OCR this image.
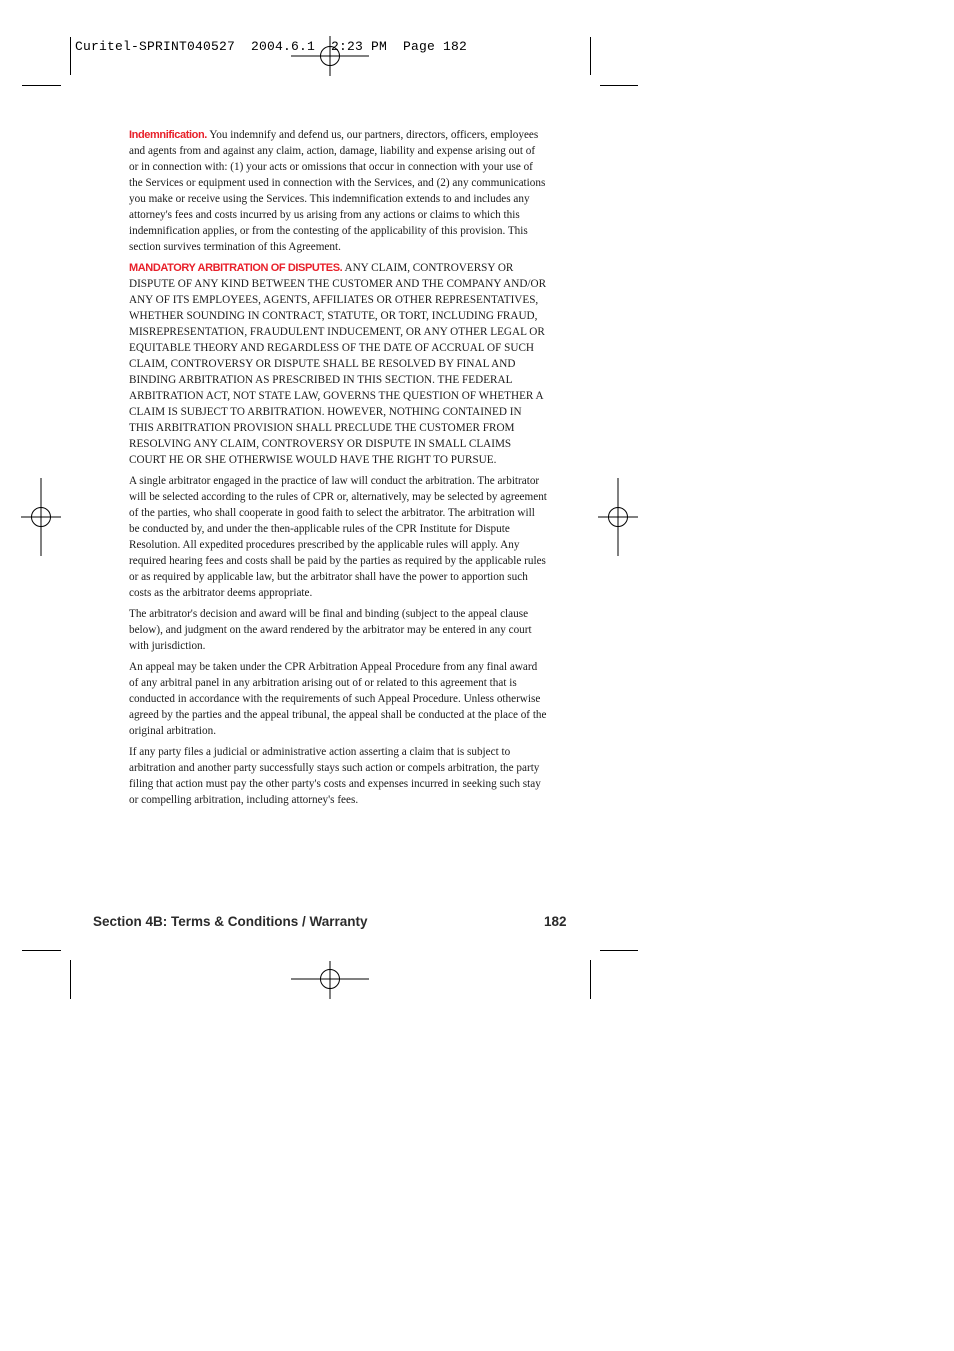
Curitel-SPRINT040527  2004.6.1  2:23 PM  Page 182

Indemnification. You indemnify and defend us, our partners, directors, officers, employees and agents from and against any claim, action, damage, liability and expense arising out of or in connection with: (1) your acts or omissions that occur in connection with your use of the Services or equipment used in connection with the Services, and (2) any communications you make or receive using the Services. This indemnification extends to and includes any attorney's fees and costs incurred by us arising from any actions or claims to which this indemnification applies, or from the contesting of the applicability of this provision. This section survives termination of this Agreement.

MANDATORY ARBITRATION OF DISPUTES. ANY CLAIM, CONTROVERSY OR DISPUTE OF ANY KIND BETWEEN THE CUSTOMER AND THE COMPANY AND/OR ANY OF ITS EMPLOYEES, AGENTS, AFFILIATES OR OTHER REPRESENTATIVES, WHETHER SOUNDING IN CONTRACT, STATUTE, OR TORT, INCLUDING FRAUD, MISREPRESENTATION, FRAUDULENT INDUCEMENT, OR ANY OTHER LEGAL OR EQUITABLE THEORY AND REGARDLESS OF THE DATE OF ACCRUAL OF SUCH CLAIM, CONTROVERSY OR DISPUTE SHALL BE RESOLVED BY FINAL AND BINDING ARBITRATION AS PRESCRIBED IN THIS SECTION. THE FEDERAL ARBITRATION ACT, NOT STATE LAW, GOVERNS THE QUESTION OF WHETHER A CLAIM IS SUBJECT TO ARBITRATION. HOWEVER, NOTHING CONTAINED IN THIS ARBITRATION PROVISION SHALL PRECLUDE THE CUSTOMER FROM RESOLVING ANY CLAIM, CONTROVERSY OR DISPUTE IN SMALL CLAIMS COURT HE OR SHE OTHERWISE WOULD HAVE THE RIGHT TO PURSUE.

A single arbitrator engaged in the practice of law will conduct the arbitration. The arbitrator will be selected according to the rules of CPR or, alternatively, may be selected by agreement of the parties, who shall cooperate in good faith to select the arbitrator. The arbitration will be conducted by, and under the then-applicable rules of the CPR Institute for Dispute Resolution. All expedited procedures prescribed by the applicable rules will apply. Any required hearing fees and costs shall be paid by the parties as required by the applicable rules or as required by applicable law, but the arbitrator shall have the power to apportion such costs as the arbitrator deems appropriate.

The arbitrator's decision and award will be final and binding (subject to the appeal clause below), and judgment on the award rendered by the arbitrator may be entered in any court with jurisdiction.

An appeal may be taken under the CPR Arbitration Appeal Procedure from any final award of any arbitral panel in any arbitration arising out of or related to this agreement that is conducted in accordance with the requirements of such Appeal Procedure. Unless otherwise agreed by the parties and the appeal tribunal, the appeal shall be conducted at the place of the original arbitration.

If any party files a judicial or administrative action asserting a claim that is subject to arbitration and another party successfully stays such action or compels arbitration, the party filing that action must pay the other party's costs and expenses incurred in seeking such stay or compelling arbitration, including attorney's fees.

Section 4B: Terms & Conditions / Warranty	182
